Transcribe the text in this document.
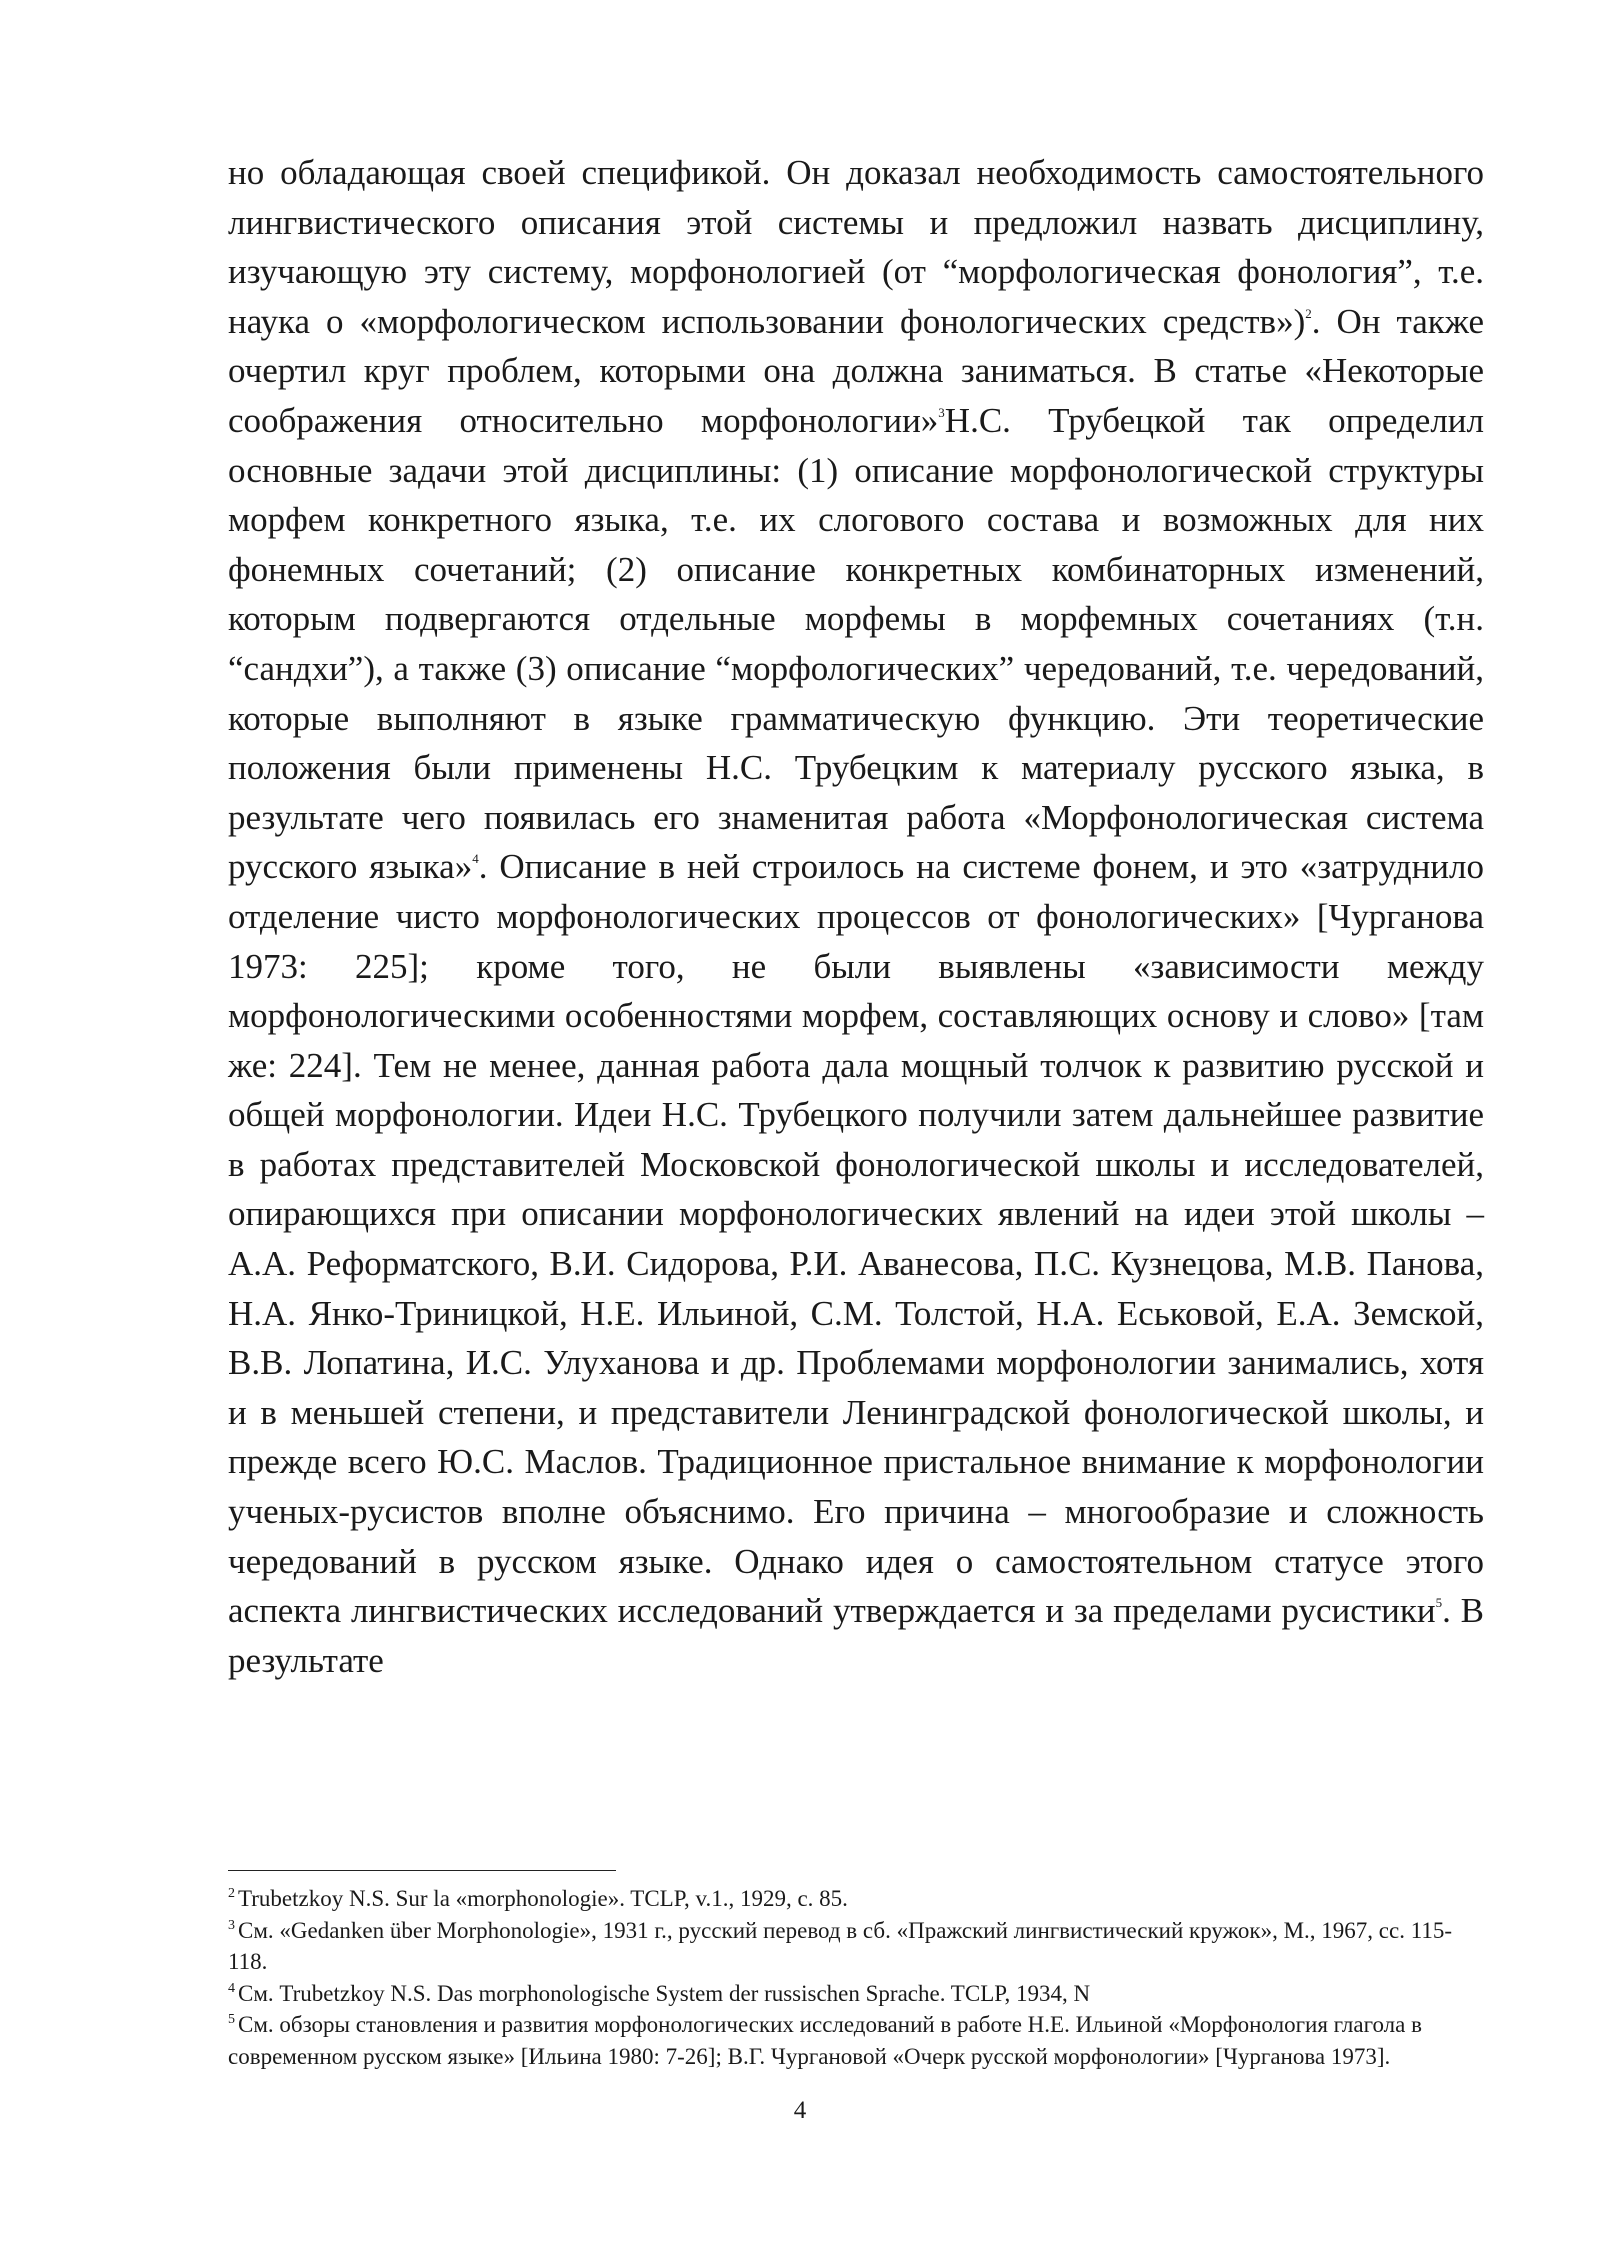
но обладающая своей спецификой. Он доказал необходимость самостоятельного лингвистического описания этой системы и предложил назвать дисциплину, изучающую эту систему, морфонологией (от “морфологическая фонология”, т.е. наука о «морфологическом использовании фонологических средств»)$^2$. Он также очертил круг проблем, которыми она должна заниматься. В статье «Некоторые соображения относительно морфонологии»$^3$Н.С. Трубецкой так определил основные задачи этой дисциплины: (1) описание морфонологической структуры морфем конкретного языка, т.е. их слогового состава и возможных для них фонемных сочетаний; (2) описание конкретных комбинаторных изменений, которым подвергаются отдельные морфемы в морфемных сочетаниях (т.н. “сандхи”), а также (3) описание “морфологических” чередований, т.е. чередований, которые выполняют в языке грамматическую функцию. Эти теоретические положения были применены Н.С. Трубецким к материалу русского языка, в результате чего появилась его знаменитая работа «Морфонологическая система русского языка»$^4$. Описание в ней строилось на системе фонем, и это «затруднило отделение чисто морфонологических процессов от фонологических» [Чурганова 1973: 225]; кроме того, не были выявлены «зависимости между морфонологическими особенностями морфем, составляющих основу и слово» [там же: 224]. Тем не менее, данная работа дала мощный толчок к развитию русской и общей морфонологии. Идеи Н.С. Трубецкого получили затем дальнейшее развитие в работах представителей Московской фонологической школы и исследователей, опирающихся при описании морфонологических явлений на идеи этой школы – А.А. Реформатского, В.И. Сидорова, Р.И. Аванесова, П.С. Кузнецова, М.В. Панова, Н.А. Янко-Триницкой, Н.Е. Ильиной, С.М. Толстой, Н.А. Еськовой, Е.А. Земской, В.В. Лопатина, И.С. Улуханова и др. Проблемами морфонологии занимались, хотя и в меньшей степени, и представители Ленинградской фонологической школы, и прежде всего Ю.С. Маслов. Традиционное пристальное внимание к морфонологии ученых-русистов вполне объяснимо. Его причина – многообразие и сложность чередований в русском языке. Однако идея о самостоятельном статусе этого аспекта лингвистических исследований утверждается и за пределами русистики$^5$. В результате

$^2$ Trubetzkoy N.S. Sur la «morphonologie». TCLP, v.1., 1929, c. 85.

$^3$ См. «Gedanken über Morphonologie», 1931 г., русский перевод в сб. «Пражский лингвистический кружок», М., 1967, сс. 115-118.

$^4$ См. Trubetzkoy N.S. Das morphonologische System der russischen Sprache. TCLP, 1934, N

$^5$ См. обзоры становления и развития морфонологических исследований в работе Н.Е. Ильиной «Морфонология глагола в современном русском языке» [Ильина 1980: 7-26]; В.Г. Чургановой «Очерк русской морфонологии» [Чурганова 1973].

4
